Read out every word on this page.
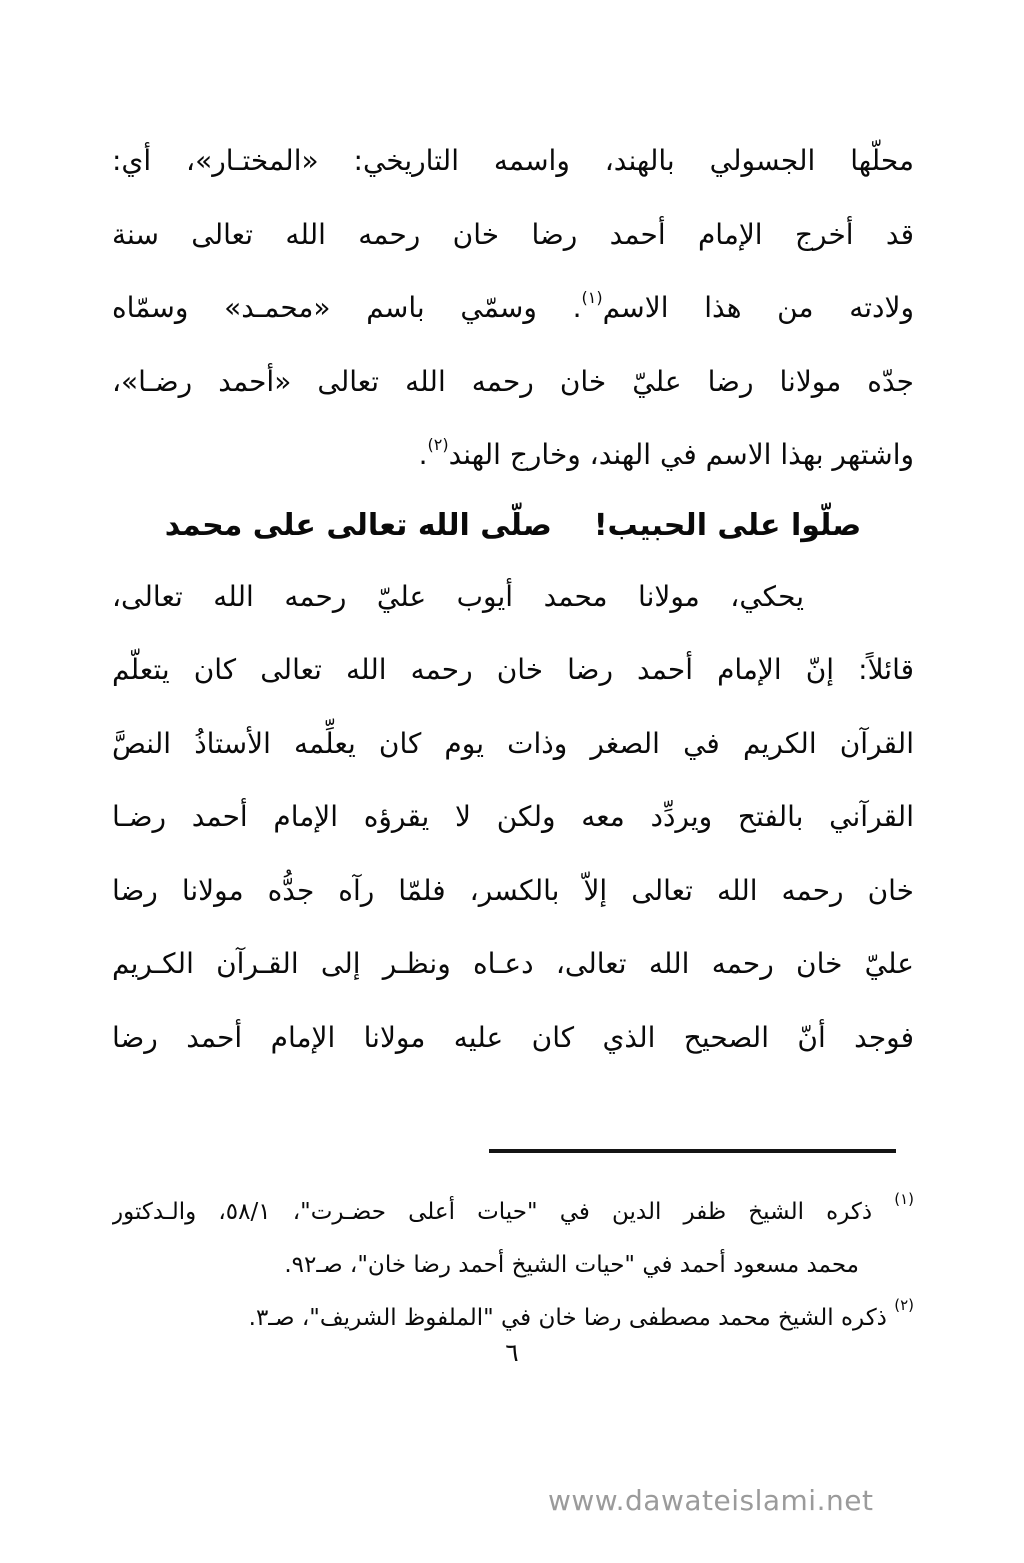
محلّها الجسولي بالهند، واسمه التاريخي: «المختـار»، أي:
قد أخرج الإمام أحمد رضا خان رحمه الله تعالى سنة
ولادته من هذا الاسم$^{(١)}$. وسمّي باسم «محمـد» وسمّاه
جدّه مولانا رضا عليّ خان رحمه الله تعالى «أحمد رضـا»،
واشتهر بهذا الاسم في الهند، وخارج الهند$^{(٢)}$.
صلّوا على الحبيب!
صلّى الله تعالى على محمد
يحكي، مولانا محمد أيوب عليّ رحمه الله تعالى،
قائلاً: إنّ الإمام أحمد رضا خان رحمه الله تعالى كان يتعلّم
القرآن الكريم في الصغر وذات يوم كان يعلِّمه الأستاذُ النصَّ
القرآني بالفتح ويردِّد معه ولكن لا يقرؤه الإمام أحمد رضـا
خان رحمه الله تعالى إلاّ بالكسر، فلمّا رآه جدُّه مولانا رضا
عليّ خان رحمه الله تعالى، دعـاه ونظـر إلى القـرآن الكـريم
فوجد أنّ الصحيح الذي كان عليه مولانا الإمام أحمد رضا
$^{(١)}$ ذكره الشيخ ظفر الدين في "حيات أعلى حضـرت"، ٥٨/١، والـدكتور
محمد مسعود أحمد في "حيات الشيخ أحمد رضا خان"، صـ٩٢.
$^{(٢)}$ ذكره الشيخ محمد مصطفى رضا خان في "الملفوظ الشريف"، صـ٣.
٦
www.dawateislami.net
